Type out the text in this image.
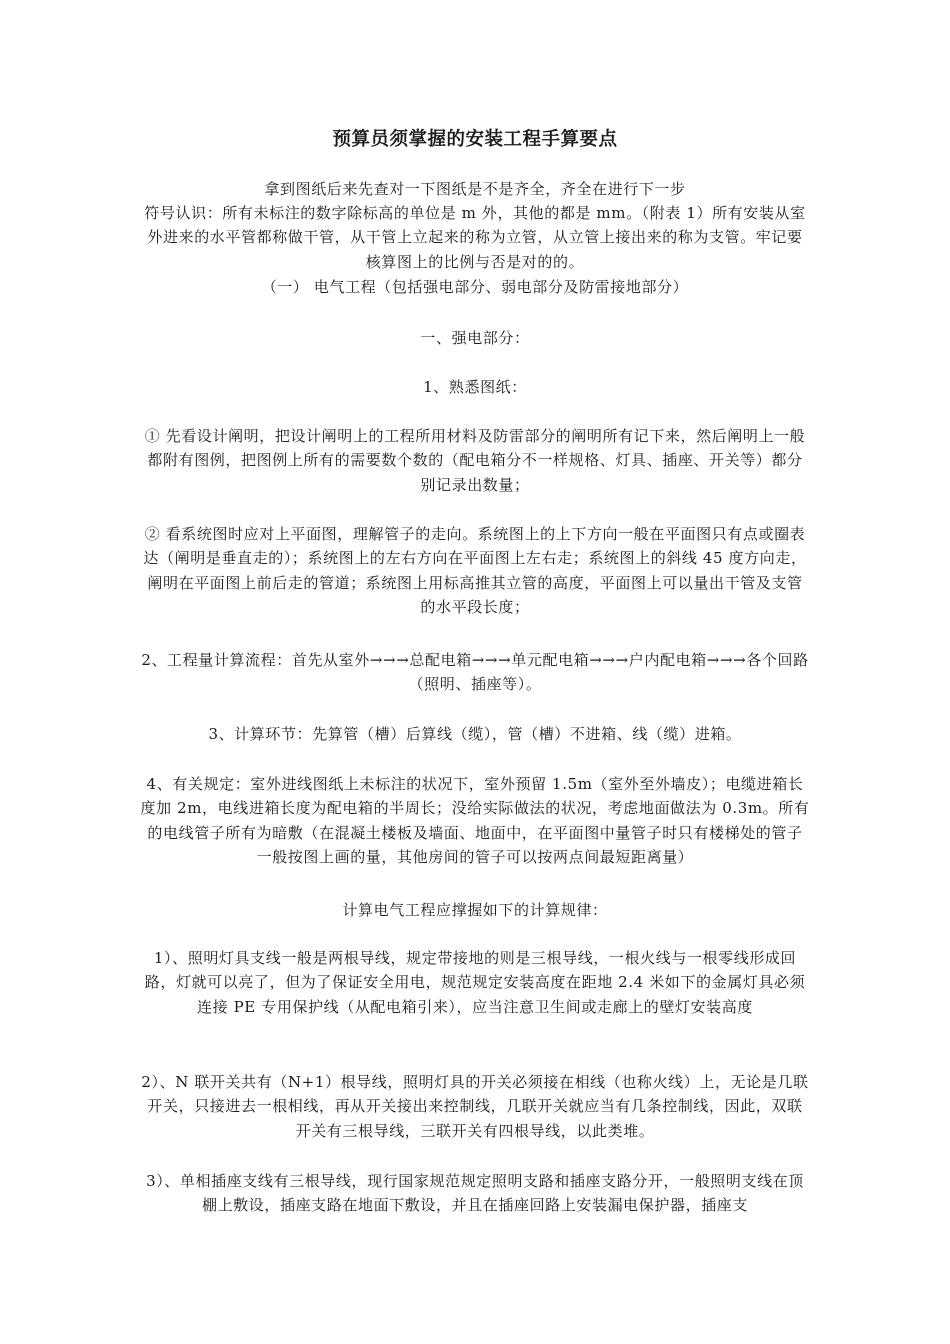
预算员须掌握的安装工程手算要点
拿到图纸后来先查对一下图纸是不是齐全，齐全在进行下一步
符号认识：所有未标注的数字除标高的单位是 m 外，其他的都是 mm。（附表 1）所有安装从室外进来的水平管都称做干管，从干管上立起来的称为立管，从立管上接出来的称为支管。牢记要核算图上的比例与否是对的的。
（一） 电气工程（包括强电部分、弱电部分及防雷接地部分）
一、强电部分：
1、熟悉图纸：
① 先看设计阐明，把设计阐明上的工程所用材料及防雷部分的阐明所有记下来，然后阐明上一般都附有图例，把图例上所有的需要数个数的（配电箱分不一样规格、灯具、插座、开关等）都分别记录出数量；
② 看系统图时应对上平面图，理解管子的走向。系统图上的上下方向一般在平面图只有点或圈表达（阐明是垂直走的）；系统图上的左右方向在平面图上左右走；系统图上的斜线 45 度方向走，阐明在平面图上前后走的管道；系统图上用标高推其立管的高度，平面图上可以量出干管及支管的水平段长度；
2、工程量计算流程：首先从室外→→→总配电箱→→→单元配电箱→→→户内配电箱→→→各个回路（照明、插座等）。
3、计算环节：先算管（槽）后算线（缆），管（槽）不进箱、线（缆）进箱。
4、有关规定：室外进线图纸上未标注的状况下，室外预留 1.5m（室外至外墙皮）；电缆进箱长度加 2m，电线进箱长度为配电箱的半周长；没给实际做法的状况，考虑地面做法为 0.3m。所有的电线管子所有为暗敷（在混凝土楼板及墙面、地面中，在平面图中量管子时只有楼梯处的管子一般按图上画的量，其他房间的管子可以按两点间最短距离量）
计算电气工程应撑握如下的计算规律：
1）、照明灯具支线一般是两根导线，规定带接地的则是三根导线，一根火线与一根零线形成回路，灯就可以亮了，但为了保证安全用电，规范规定安装高度在距地 2.4 米如下的金属灯具必须连接 PE 专用保护线（从配电箱引来），应当注意卫生间或走廊上的壁灯安装高度
2）、N 联开关共有（N+1）根导线，照明灯具的开关必须接在相线（也称火线）上，无论是几联开关，只接进去一根相线，再从开关接出来控制线，几联开关就应当有几条控制线，因此，双联开关有三根导线，三联开关有四根导线，以此类堆。
3）、单相插座支线有三根导线，现行国家规范规定照明支路和插座支路分开，一般照明支线在顶棚上敷设，插座支路在地面下敷设，并且在插座回路上安装漏电保护器，插座支
